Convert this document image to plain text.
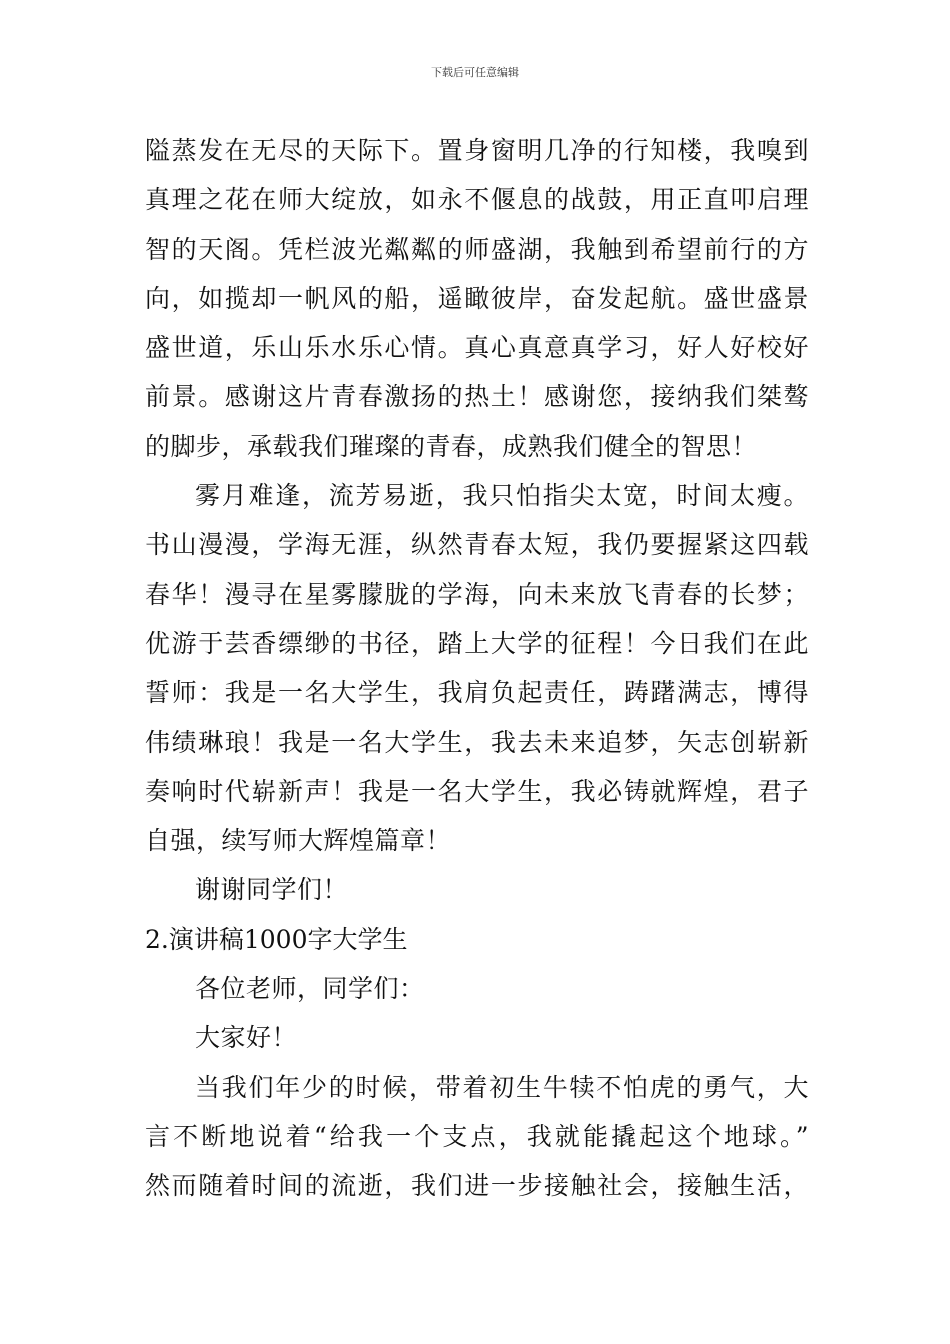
下载后可任意编辑
隘蒸发在无尽的天际下。置身窗明几净的行知楼，我嗅到
真理之花在师大绽放，如永不偃息的战鼓，用正直叩启理
智的天阁。凭栏波光粼粼的师盛湖，我触到希望前行的方
向，如揽却一帆风的船，遥瞰彼岸，奋发起航。盛世盛景
盛世道，乐山乐水乐心情。真心真意真学习，好人好校好
前景。感谢这片青春激扬的热土！感谢您，接纳我们桀骜
的脚步，承载我们璀璨的青春，成熟我们健全的智思！
雾月难逢，流芳易逝，我只怕指尖太宽，时间太瘦。
书山漫漫，学海无涯，纵然青春太短，我仍要握紧这四载
春华！漫寻在星雾朦胧的学海，向未来放飞青春的长梦；
优游于芸香缥缈的书径，踏上大学的征程！今日我们在此
誓师：我是一名大学生，我肩负起责任，踌躇满志，博得
伟绩琳琅！我是一名大学生，我去未来追梦，矢志创崭新
奏响时代崭新声！我是一名大学生，我必铸就辉煌，君子
自强，续写师大辉煌篇章！
谢谢同学们！
2.演讲稿1000字大学生
各位老师，同学们：
大家好！
当我们年少的时候，带着初生牛犊不怕虎的勇气，大
言不断地说着“给我一个支点，我就能撬起这个地球。”
然而随着时间的流逝，我们进一步接触社会，接触生活，
